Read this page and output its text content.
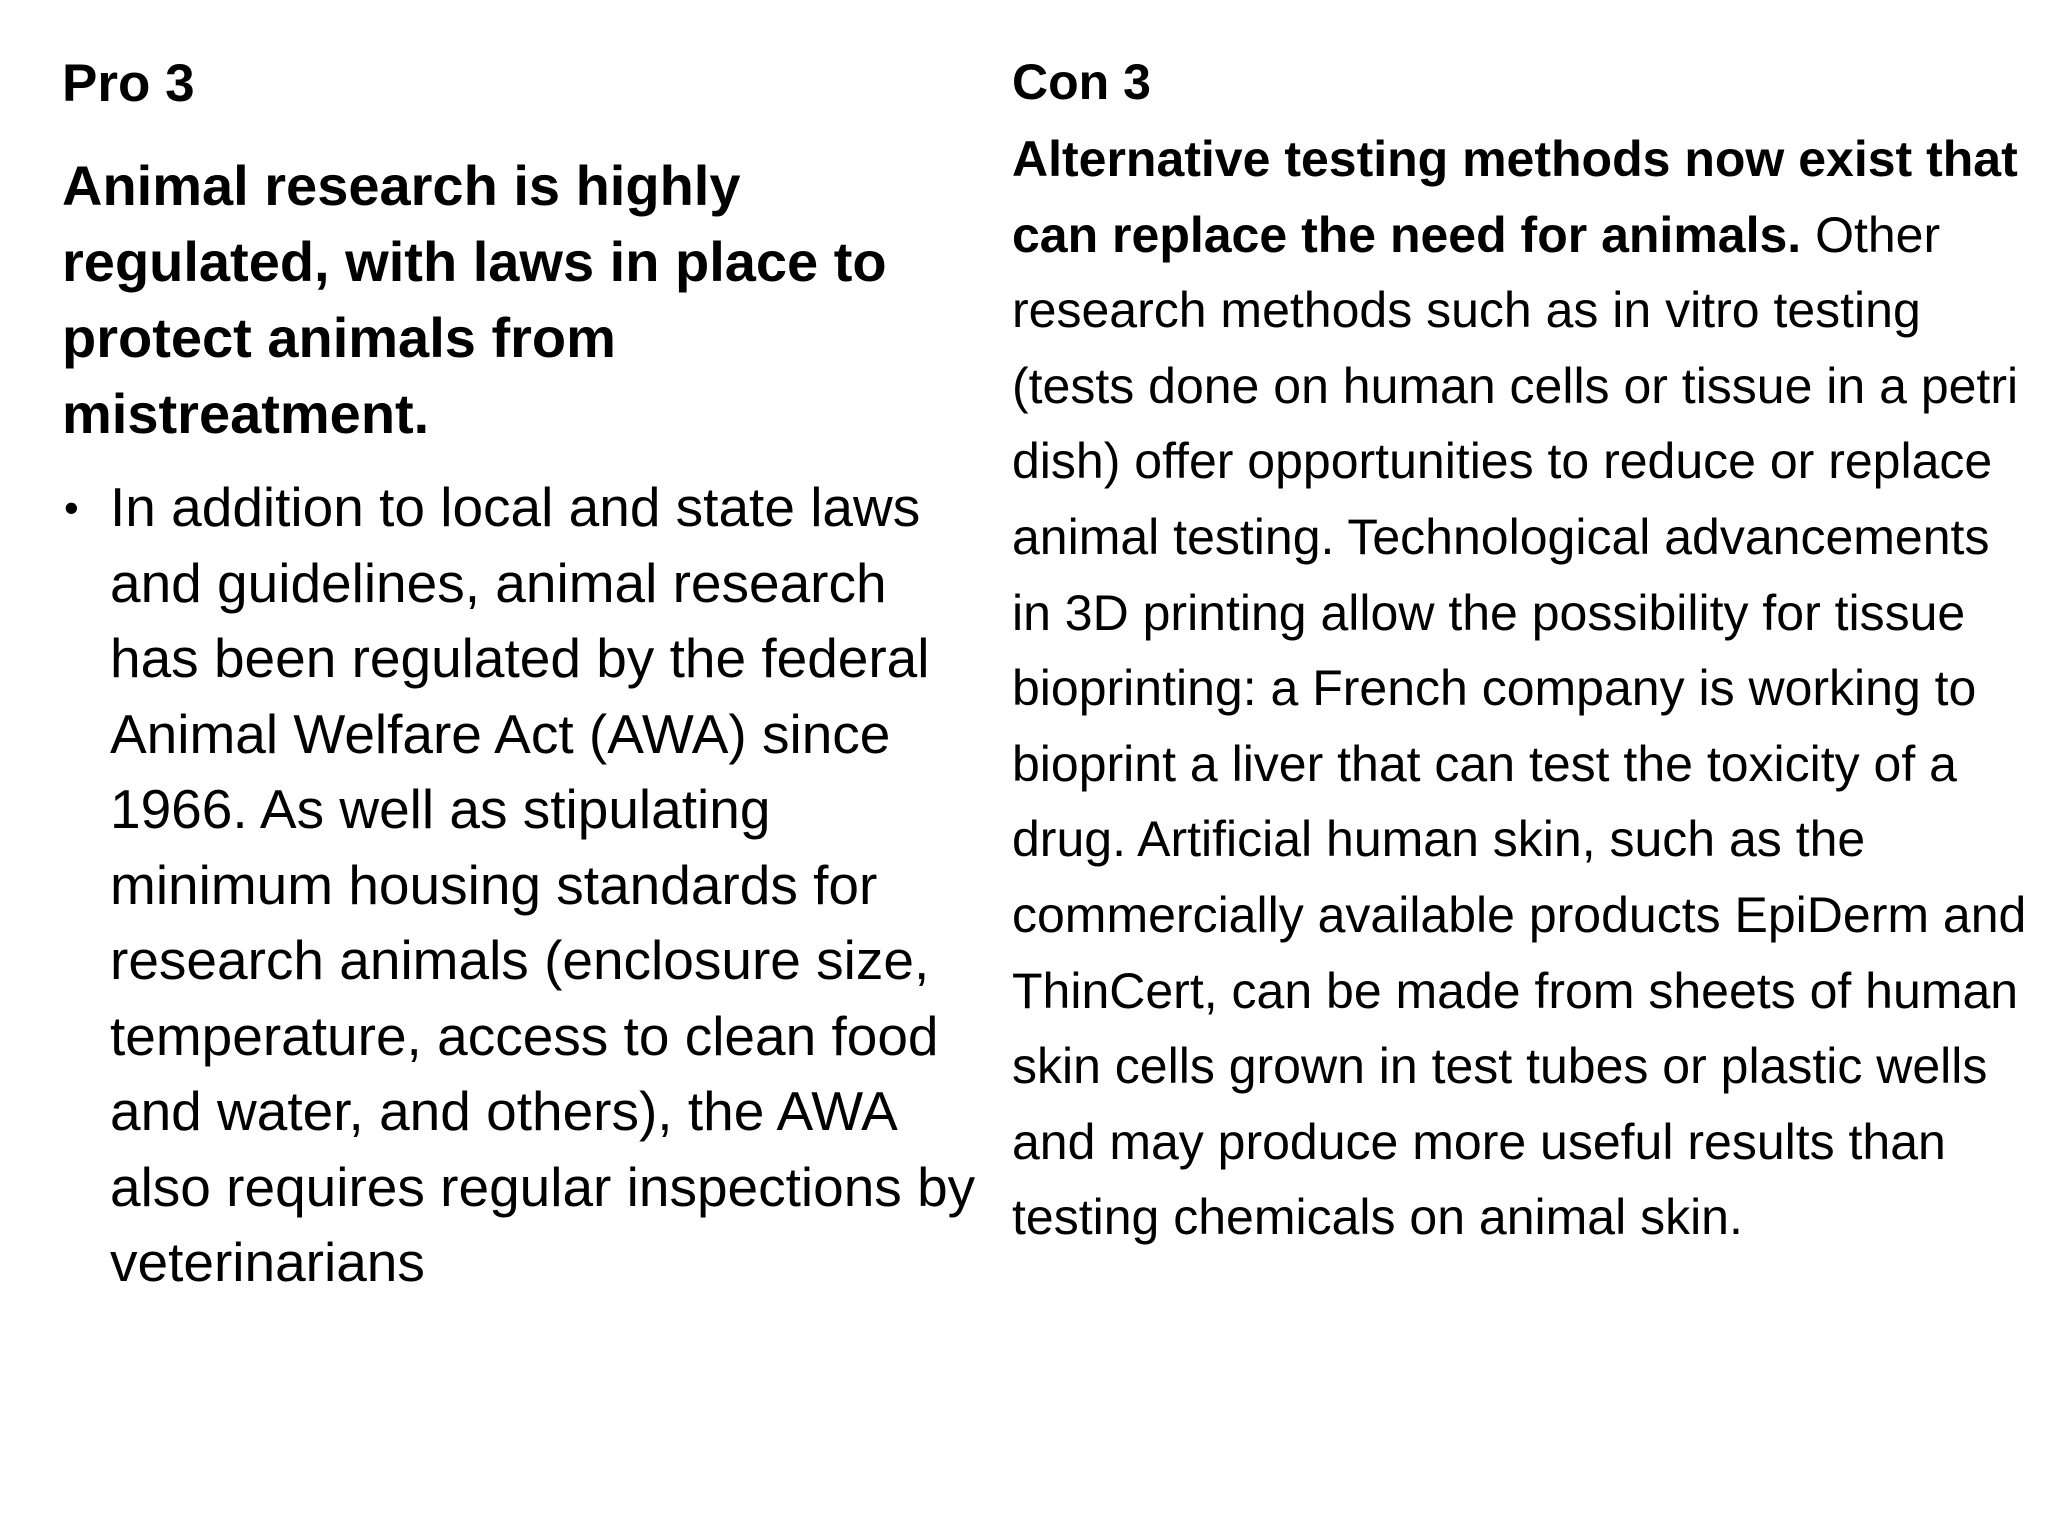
Pro 3

Animal research is highly regulated, with laws in place to protect animals from mistreatment.

• In addition to local and state laws and guidelines, animal research has been regulated by the federal Animal Welfare Act (AWA) since 1966. As well as stipulating minimum housing standards for research animals (enclosure size, temperature, access to clean food and water, and others), the AWA also requires regular inspections by veterinarians
Con 3

Alternative testing methods now exist that can replace the need for animals. Other research methods such as in vitro testing (tests done on human cells or tissue in a petri dish) offer opportunities to reduce or replace animal testing. Technological advancements in 3D printing allow the possibility for tissue bioprinting: a French company is working to bioprint a liver that can test the toxicity of a drug. Artificial human skin, such as the commercially available products EpiDerm and ThinCert, can be made from sheets of human skin cells grown in test tubes or plastic wells and may produce more useful results than testing chemicals on animal skin.
